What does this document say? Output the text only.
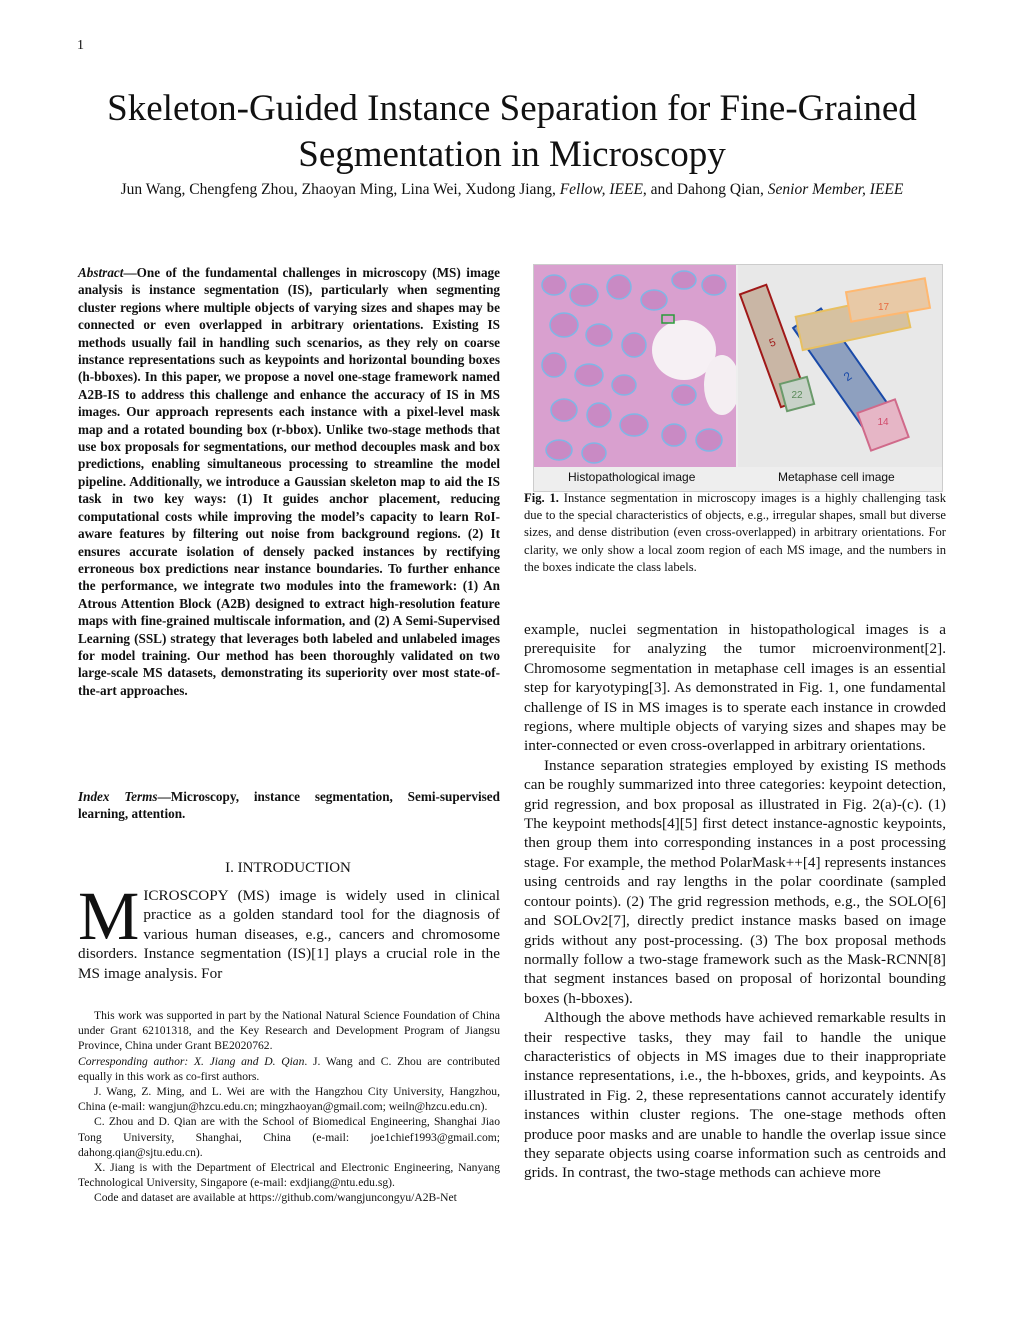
1
Skeleton-Guided Instance Separation for Fine-Grained Segmentation in Microscopy
Jun Wang, Chengfeng Zhou, Zhaoyan Ming, Lina Wei, Xudong Jiang, Fellow, IEEE, and Dahong Qian, Senior Member, IEEE
Abstract—One of the fundamental challenges in microscopy (MS) image analysis is instance segmentation (IS), particularly when segmenting cluster regions where multiple objects of varying sizes and shapes may be connected or even overlapped in arbitrary orientations. Existing IS methods usually fail in handling such scenarios, as they rely on coarse instance representations such as keypoints and horizontal bounding boxes (h-bboxes). In this paper, we propose a novel one-stage framework named A2B-IS to address this challenge and enhance the accuracy of IS in MS images. Our approach represents each instance with a pixel-level mask map and a rotated bounding box (r-bbox). Unlike two-stage methods that use box proposals for segmentations, our method decouples mask and box predictions, enabling simultaneous processing to streamline the model pipeline. Additionally, we introduce a Gaussian skeleton map to aid the IS task in two key ways: (1) It guides anchor placement, reducing computational costs while improving the model’s capacity to learn RoI-aware features by filtering out noise from background regions. (2) It ensures accurate isolation of densely packed instances by rectifying erroneous box predictions near instance boundaries. To further enhance the performance, we integrate two modules into the framework: (1) An Atrous Attention Block (A2B) designed to extract high-resolution feature maps with fine-grained multiscale information, and (2) A Semi-Supervised Learning (SSL) strategy that leverages both labeled and unlabeled images for model training. Our method has been thoroughly validated on two large-scale MS datasets, demonstrating its superiority over most state-of-the-art approaches.
Index Terms—Microscopy, instance segmentation, Semi-supervised learning, attention.
I. INTRODUCTION
MICROSCOPY (MS) image is widely used in clinical practice as a golden standard tool for the diagnosis of various human diseases, e.g., cancers and chromosome disorders. Instance segmentation (IS)[1] plays a crucial role in the MS image analysis. For

This work was supported in part by the National Natural Science Foundation of China under Grant 62101318, and the Key Research and Development Program of Jiangsu Province, China under Grant BE2020762.

Corresponding author: X. Jiang and D. Qian. J. Wang and C. Zhou are contributed equally in this work as co-first authors.

J. Wang, Z. Ming, and L. Wei are with the Hangzhou City University, Hangzhou, China (e-mail: wangjun@hzcu.edu.cn; mingzhaoyan@gmail.com; weiln@hzcu.edu.cn).

C. Zhou and D. Qian are with the School of Biomedical Engineering, Shanghai Jiao Tong University, Shanghai, China (e-mail: joe1chief1993@gmail.com; dahong.qian@sjtu.edu.cn).

X. Jiang is with the Department of Electrical and Electronic Engineering, Nanyang Technological University, Singapore (e-mail: exdjiang@ntu.edu.sg).

Code and dataset are available at https://github.com/wangjuncongyu/A2B-Net

5
22
2
17
14
Histopathological image	Metaphase cell image
Fig. 1. Instance segmentation in microscopy images is a highly challenging task due to the special characteristics of objects, e.g., irregular shapes, small but diverse sizes, and dense distribution (even cross-overlapped) in arbitrary orientations. For clarity, we only show a local zoom region of each MS image, and the numbers in the boxes indicate the class labels.

example, nuclei segmentation in histopathological images is a prerequisite for analyzing the tumor microenvironment[2]. Chromosome segmentation in metaphase cell images is an essential step for karyotyping[3]. As demonstrated in Fig. 1, one fundamental challenge of IS in MS images is to sperate each instance in crowded regions, where multiple objects of varying sizes and shapes may be inter-connected or even cross-overlapped in arbitrary orientations.

Instance separation strategies employed by existing IS methods can be roughly summarized into three categories: keypoint detection, grid regression, and box proposal as illustrated in Fig. 2(a)-(c). (1) The keypoint methods[4][5] first detect instance-agnostic keypoints, then group them into corresponding instances in a post processing stage. For example, the method PolarMask++[4] represents instances using centroids and ray lengths in the polar coordinate (sampled contour points). (2) The grid regression methods, e.g., the SOLO[6] and SOLOv2[7], directly predict instance masks based on image grids without any post-processing. (3) The box proposal methods normally follow a two-stage framework such as the Mask-RCNN[8] that segment instances based on proposal of horizontal bounding boxes (h-bboxes).

Although the above methods have achieved remarkable results in their respective tasks, they may fail to handle the unique characteristics of objects in MS images due to their inappropriate instance representations, i.e., the h-bboxes, grids, and keypoints. As illustrated in Fig. 2, these representations cannot accurately identify instances within cluster regions. The one-stage methods often produce poor masks and are unable to handle the overlap issue since they separate objects using coarse information such as centroids and grids. In contrast, the two-stage methods can achieve more
